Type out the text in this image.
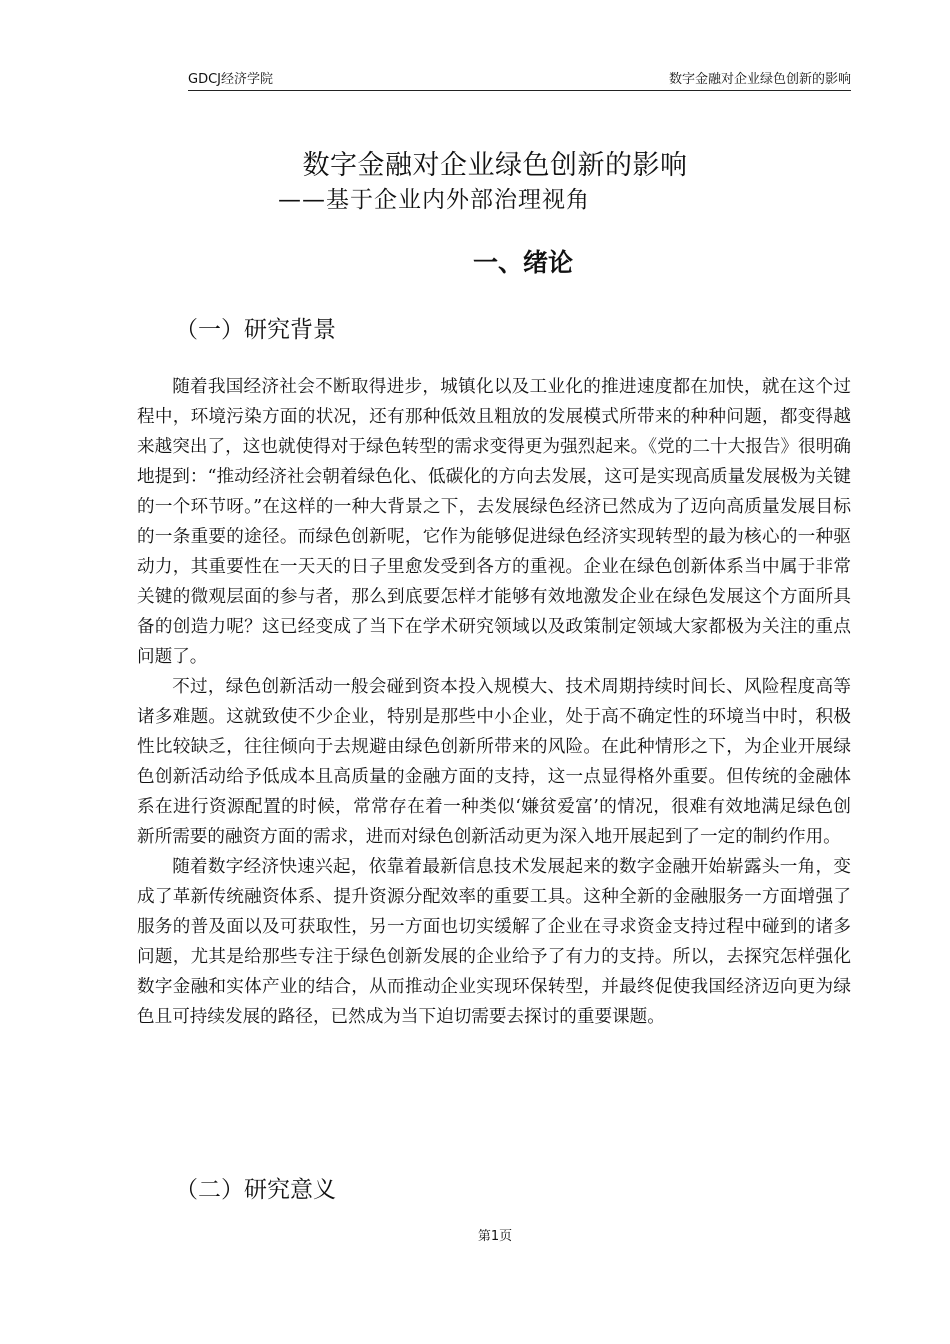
GDCJ经济学院	数字金融对企业绿色创新的影响
数字金融对企业绿色创新的影响
——基于企业内外部治理视角
一、绪论
（一）研究背景

随着我国经济社会不断取得进步，城镇化以及工业化的推进速度都在加快，就在这个过程中，环境污染方面的状况，还有那种低效且粗放的发展模式所带来的种种问题，都变得越来越突出了，这也就使得对于绿色转型的需求变得更为强烈起来。《党的二十大报告》很明确地提到：“推动经济社会朝着绿色化、低碳化的方向去发展，这可是实现高质量发展极为关键的一个环节呀。”在这样的一种大背景之下，去发展绿色经济已然成为了迈向高质量发展目标的一条重要的途径。而绿色创新呢，它作为能够促进绿色经济实现转型的最为核心的一种驱动力，其重要性在一天天的日子里愈发受到各方的重视。企业在绿色创新体系当中属于非常关键的微观层面的参与者，那么到底要怎样才能够有效地激发企业在绿色发展这个方面所具备的创造力呢？这已经变成了当下在学术研究领域以及政策制定领域大家都极为关注的重点问题了。

不过，绿色创新活动一般会碰到资本投入规模大、技术周期持续时间长、风险程度高等诸多难题。这就致使不少企业，特别是那些中小企业，处于高不确定性的环境当中时，积极性比较缺乏，往往倾向于去规避由绿色创新所带来的风险。在此种情形之下，为企业开展绿色创新活动给予低成本且高质量的金融方面的支持，这一点显得格外重要。但传统的金融体系在进行资源配置的时候，常常存在着一种类似‘嫌贫爱富’的情况，很难有效地满足绿色创新所需要的融资方面的需求，进而对绿色创新活动更为深入地开展起到了一定的制约作用。

随着数字经济快速兴起，依靠着最新信息技术发展起来的数字金融开始崭露头一角，变成了革新传统融资体系、提升资源分配效率的重要工具。这种全新的金融服务一方面增强了服务的普及面以及可获取性，另一方面也切实缓解了企业在寻求资金支持过程中碰到的诸多问题，尤其是给那些专注于绿色创新发展的企业给予了有力的支持。所以，去探究怎样强化数字金融和实体产业的结合，从而推动企业实现环保转型，并最终促使我国经济迈向更为绿色且可持续发展的路径，已然成为当下迫切需要去探讨的重要课题。

（二）研究意义
第1页
